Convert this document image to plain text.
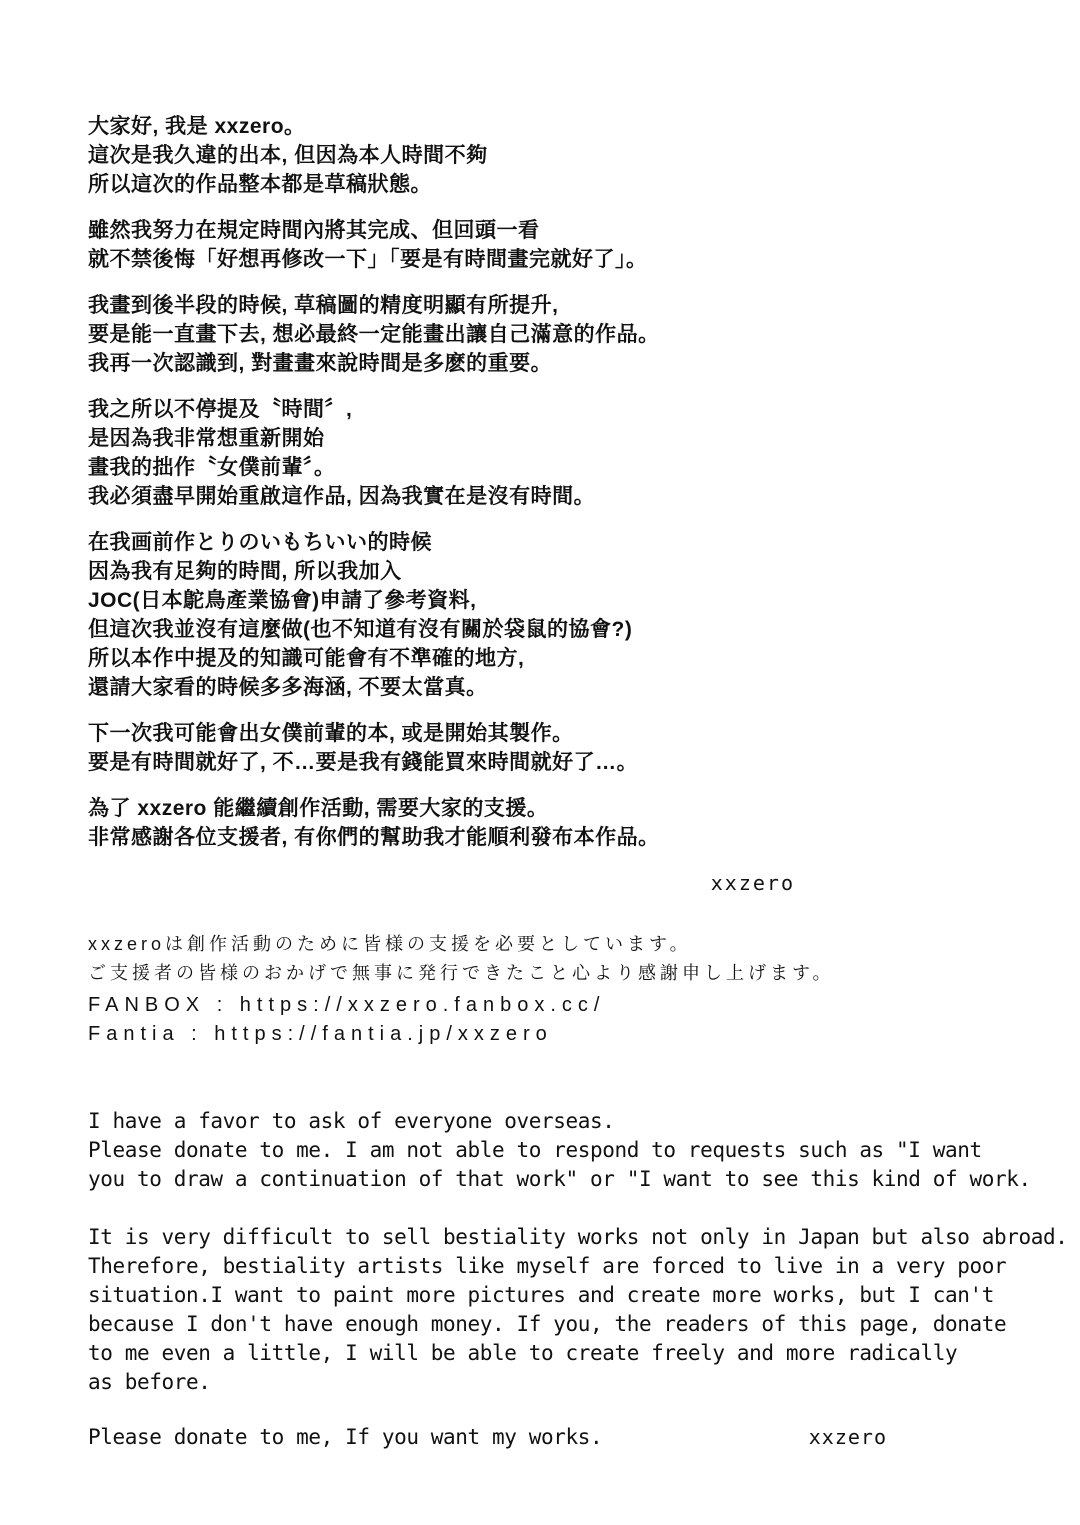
大家好, 我是 xxzero。
這次是我久違的出本, 但因為本人時間不夠
所以這次的作品整本都是草稿狀態。
雖然我努力在規定時間內將其完成、但回頭一看
就不禁後悔「好想再修改一下」「要是有時間畫完就好了」。
我畫到後半段的時候, 草稿圖的精度明顯有所提升,
要是能一直畫下去, 想必最終一定能畫出讓自己滿意的作品。
我再一次認識到, 對畫畫來說時間是多麽的重要。
我之所以不停提及〝時間〞,
是因為我非常想重新開始
畫我的拙作〝女僕前輩〞。
我必須盡早開始重啟這作品, 因為我實在是沒有時間。
在我画前作とりのいもちいい的時候
因為我有足夠的時間, 所以我加入
JOC(日本鴕鳥產業協會)申請了參考資料,
但這次我並沒有這麼做(也不知道有沒有關於袋鼠的協會?)
所以本作中提及的知識可能會有不準確的地方,
還請大家看的時候多多海涵, 不要太當真。
下一次我可能會出女僕前輩的本, 或是開始其製作。
要是有時間就好了, 不…要是我有錢能買來時間就好了…。
為了 xxzero 能繼續創作活動, 需要大家的支援。
非常感謝各位支援者, 有你們的幫助我才能順利發布本作品。
xxzero
xxzeroは創作活動のために皆様の支援を必要としています。
ご支援者の皆様のおかげで無事に発行できたこと心より感謝申し上げます。
FANBOX : https://xxzero.fanbox.cc/
Fantia : https://fantia.jp/xxzero
I have a favor to ask of everyone overseas.
Please donate to me. I am not able to respond to requests such as "I want
you to draw a continuation of that work" or "I want to see this kind of work.
It is very difficult to sell bestiality works not only in Japan but also abroad.
Therefore, bestiality artists like myself are forced to live in a very poor
situation.I want to paint more pictures and create more works, but I can't
because I don't have enough money. If you, the readers of this page, donate
to me even a little, I will be able to create freely and more radically
as before.
Please donate to me, If you want my works.	xxzero
